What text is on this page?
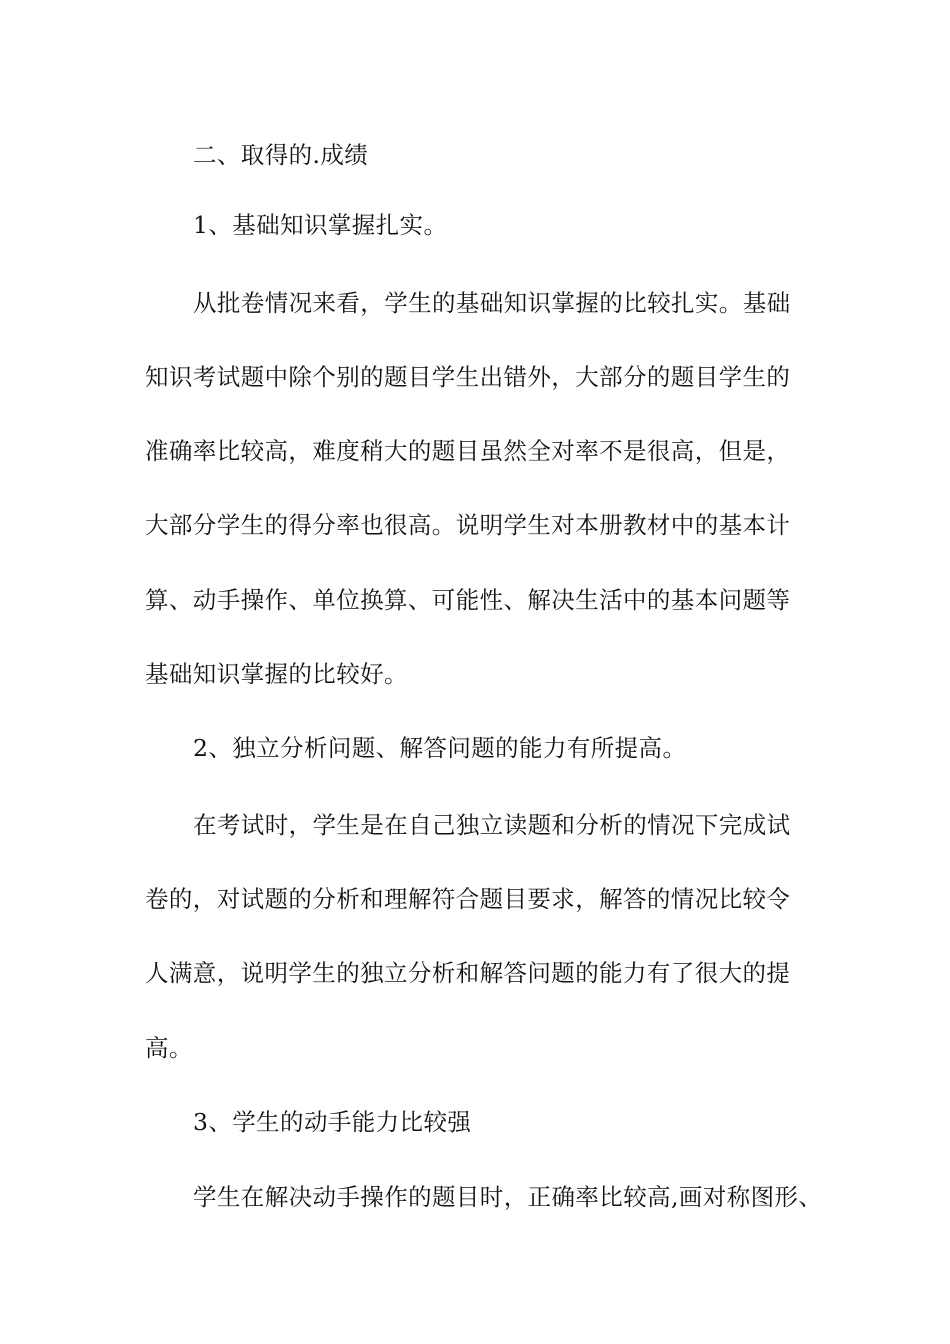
二、取得的.成绩
1、基础知识掌握扎实。
从批卷情况来看，学生的基础知识掌握的比较扎实。基础
知识考试题中除个别的题目学生出错外，大部分的题目学生的
准确率比较高，难度稍大的题目虽然全对率不是很高，但是，
大部分学生的得分率也很高。说明学生对本册教材中的基本计
算、动手操作、单位换算、可能性、解决生活中的基本问题等
基础知识掌握的比较好。
2、独立分析问题、解答问题的能力有所提高。
在考试时，学生是在自己独立读题和分析的情况下完成试
卷的，对试题的分析和理解符合题目要求，解答的情况比较令
人满意，说明学生的独立分析和解答问题的能力有了很大的提
高。
3、学生的动手能力比较强
学生在解决动手操作的题目时，正确率比较高,画对称图形、
